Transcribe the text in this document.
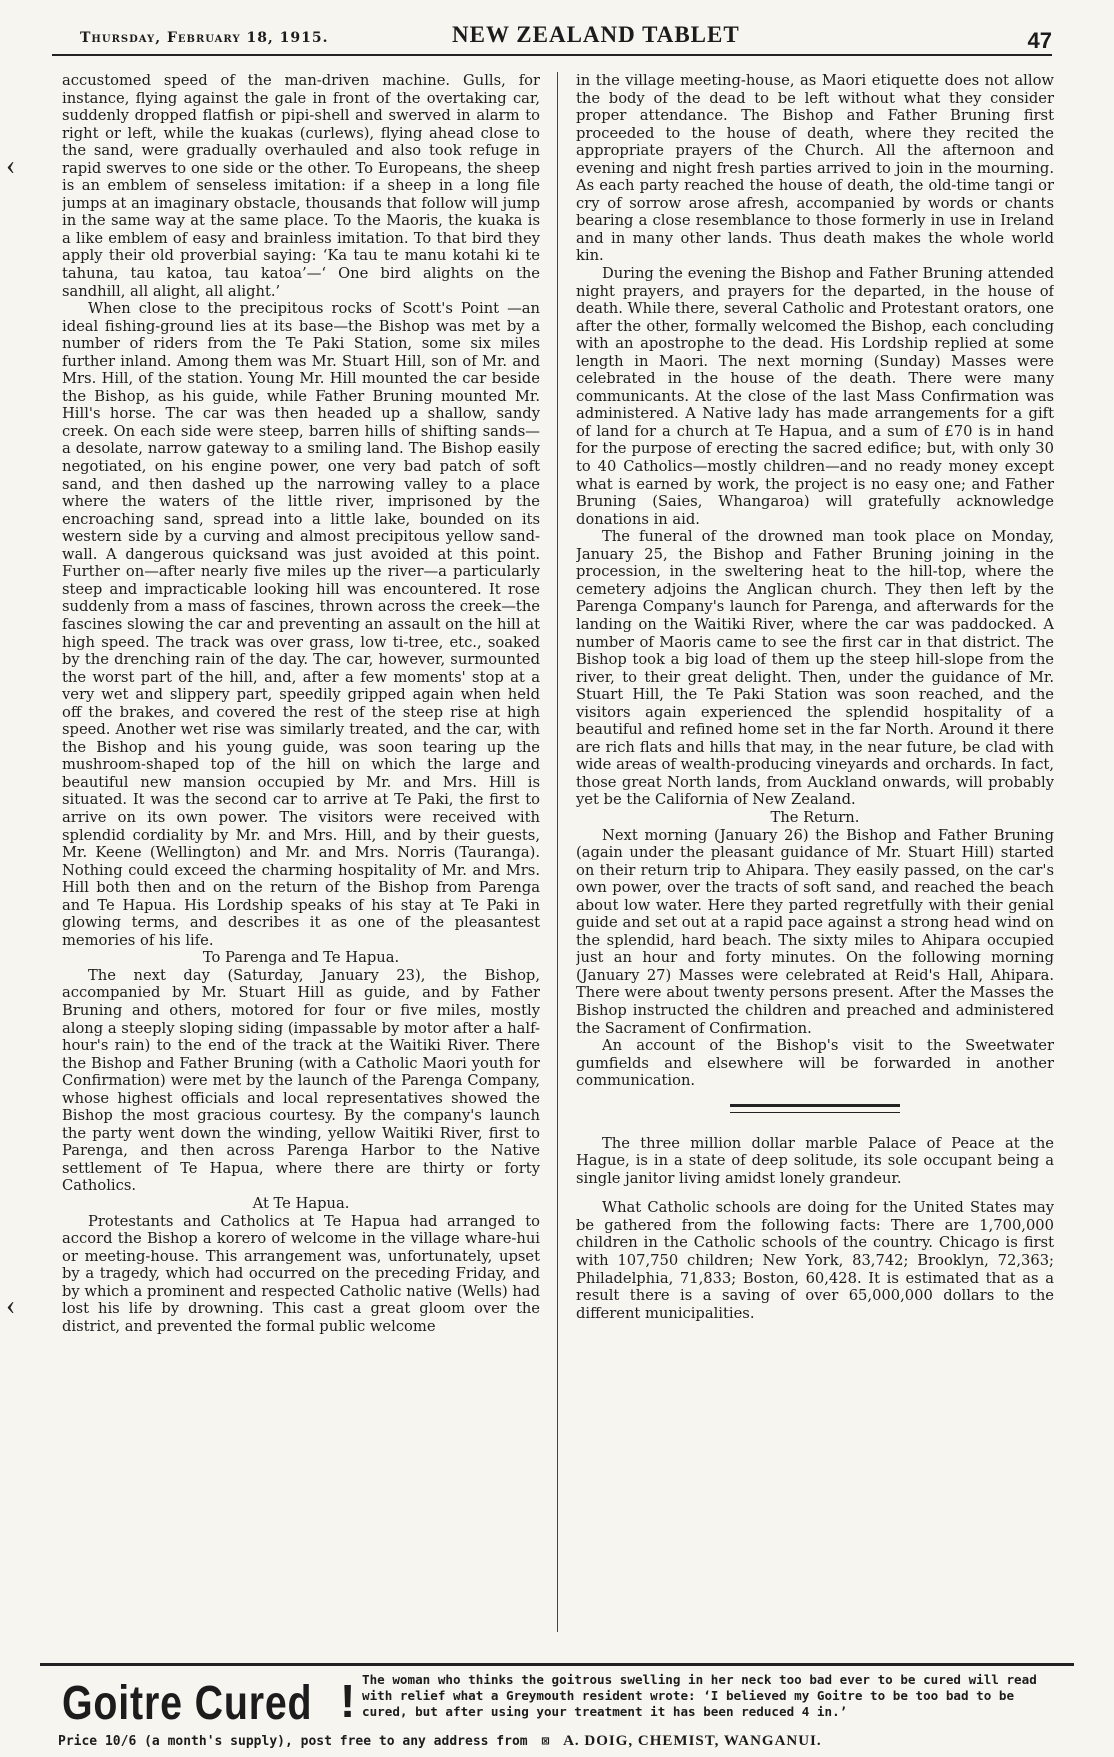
Thursday, February 18, 1915.	NEW ZEALAND TABLET	47
‹
‹

accustomed speed of the man-driven machine. Gulls, for instance, flying against the gale in front of the overtaking car, suddenly dropped flatfish or pipi-shell and swerved in alarm to right or left, while the kuakas (curlews), flying ahead close to the sand, were gradually overhauled and also took refuge in rapid swerves to one side or the other. To Europeans, the sheep is an emblem of senseless imitation: if a sheep in a long file jumps at an imaginary obstacle, thousands that follow will jump in the same way at the same place. To the Maoris, the kuaka is a like emblem of easy and brainless imitation. To that bird they apply their old proverbial saying: ‘Ka tau te manu kotahi ki te tahuna, tau katoa, tau katoa’—‘ One bird alights on the sandhill, all alight, all alight.’

When close to the precipitous rocks of Scott's Point —an ideal fishing-ground lies at its base—the Bishop was met by a number of riders from the Te Paki Station, some six miles further inland. Among them was Mr. Stuart Hill, son of Mr. and Mrs. Hill, of the station. Young Mr. Hill mounted the car beside the Bishop, as his guide, while Father Bruning mounted Mr. Hill's horse. The car was then headed up a shallow, sandy creek. On each side were steep, barren hills of shifting sands—a desolate, narrow gateway to a smiling land. The Bishop easily negotiated, on his engine power, one very bad patch of soft sand, and then dashed up the narrowing valley to a place where the waters of the little river, imprisoned by the encroaching sand, spread into a little lake, bounded on its western side by a curving and almost precipitous yellow sand-wall. A dangerous quicksand was just avoided at this point. Further on—after nearly five miles up the river—a particularly steep and impracticable looking hill was encountered. It rose suddenly from a mass of fascines, thrown across the creek—the fascines slowing the car and preventing an assault on the hill at high speed. The track was over grass, low ti-tree, etc., soaked by the drenching rain of the day. The car, however, surmounted the worst part of the hill, and, after a few moments' stop at a very wet and slippery part, speedily gripped again when held off the brakes, and covered the rest of the steep rise at high speed. Another wet rise was similarly treated, and the car, with the Bishop and his young guide, was soon tearing up the mushroom-shaped top of the hill on which the large and beautiful new mansion occupied by Mr. and Mrs. Hill is situated. It was the second car to arrive at Te Paki, the first to arrive on its own power. The visitors were received with splendid cordiality by Mr. and Mrs. Hill, and by their guests, Mr. Keene (Wellington) and Mr. and Mrs. Norris (Tauranga). Nothing could exceed the charming hospitality of Mr. and Mrs. Hill both then and on the return of the Bishop from Parenga and Te Hapua. His Lordship speaks of his stay at Te Paki in glowing terms, and describes it as one of the pleasantest memories of his life.

To Parenga and Te Hapua.

The next day (Saturday, January 23), the Bishop, accompanied by Mr. Stuart Hill as guide, and by Father Bruning and others, motored for four or five miles, mostly along a steeply sloping siding (impassable by motor after a half-hour's rain) to the end of the track at the Waitiki River. There the Bishop and Father Bruning (with a Catholic Maori youth for Confirmation) were met by the launch of the Parenga Company, whose highest officials and local representatives showed the Bishop the most gracious courtesy. By the company's launch the party went down the winding, yellow Waitiki River, first to Parenga, and then across Parenga Harbor to the Native settlement of Te Hapua, where there are thirty or forty Catholics.

At Te Hapua.

Protestants and Catholics at Te Hapua had arranged to accord the Bishop a korero of welcome in the village whare-hui or meeting-house. This arrangement was, unfortunately, upset by a tragedy, which had occurred on the preceding Friday, and by which a prominent and respected Catholic native (Wells) had lost his life by drowning. This cast a great gloom over the district, and prevented the formal public welcome

in the village meeting-house, as Maori etiquette does not allow the body of the dead to be left without what they consider proper attendance. The Bishop and Father Bruning first proceeded to the house of death, where they recited the appropriate prayers of the Church. All the afternoon and evening and night fresh parties arrived to join in the mourning. As each party reached the house of death, the old-time tangi or cry of sorrow arose afresh, accompanied by words or chants bearing a close resemblance to those formerly in use in Ireland and in many other lands. Thus death makes the whole world kin.

During the evening the Bishop and Father Bruning attended night prayers, and prayers for the departed, in the house of death. While there, several Catholic and Protestant orators, one after the other, formally welcomed the Bishop, each concluding with an apostrophe to the dead. His Lordship replied at some length in Maori. The next morning (Sunday) Masses were celebrated in the house of the death. There were many communicants. At the close of the last Mass Confirmation was administered. A Native lady has made arrangements for a gift of land for a church at Te Hapua, and a sum of £70 is in hand for the purpose of erecting the sacred edifice; but, with only 30 to 40 Catholics—mostly children—and no ready money except what is earned by work, the project is no easy one; and Father Bruning (Saies, Whangaroa) will gratefully acknowledge donations in aid.

The funeral of the drowned man took place on Monday, January 25, the Bishop and Father Bruning joining in the procession, in the sweltering heat to the hill-top, where the cemetery adjoins the Anglican church. They then left by the Parenga Company's launch for Parenga, and afterwards for the landing on the Waitiki River, where the car was paddocked. A number of Maoris came to see the first car in that district. The Bishop took a big load of them up the steep hill-slope from the river, to their great delight. Then, under the guidance of Mr. Stuart Hill, the Te Paki Station was soon reached, and the visitors again experienced the splendid hospitality of a beautiful and refined home set in the far North. Around it there are rich flats and hills that may, in the near future, be clad with wide areas of wealth-producing vineyards and orchards. In fact, those great North lands, from Auckland onwards, will probably yet be the California of New Zealand.

The Return.

Next morning (January 26) the Bishop and Father Bruning (again under the pleasant guidance of Mr. Stuart Hill) started on their return trip to Ahipara. They easily passed, on the car's own power, over the tracts of soft sand, and reached the beach about low water. Here they parted regretfully with their genial guide and set out at a rapid pace against a strong head wind on the splendid, hard beach. The sixty miles to Ahipara occupied just an hour and forty minutes. On the following morning (January 27) Masses were celebrated at Reid's Hall, Ahipara. There were about twenty persons present. After the Masses the Bishop instructed the children and preached and administered the Sacrament of Confirmation.

An account of the Bishop's visit to the Sweetwater gumfields and elsewhere will be forwarded in another communication.

The three million dollar marble Palace of Peace at the Hague, is in a state of deep solitude, its sole occupant being a single janitor living amidst lonely grandeur.

What Catholic schools are doing for the United States may be gathered from the following facts: There are 1,700,000 children in the Catholic schools of the country. Chicago is first with 107,750 children; New York, 83,742; Brooklyn, 72,363; Philadelphia, 71,833; Boston, 60,428. It is estimated that as a result there is a saving of over 65,000,000 dollars to the different municipalities.

Goitre Cured ! The woman who thinks the goitrous swelling in her neck too bad ever to be cured will read with relief what a Greymouth resident wrote: ‘I believed my Goitre to be too bad to be cured, but after using your treatment it has been reduced 4 in.’
Price 10/6 (a month's supply), post free to any address from ⊠ A. DOIG, CHEMIST, WANGANUI.
